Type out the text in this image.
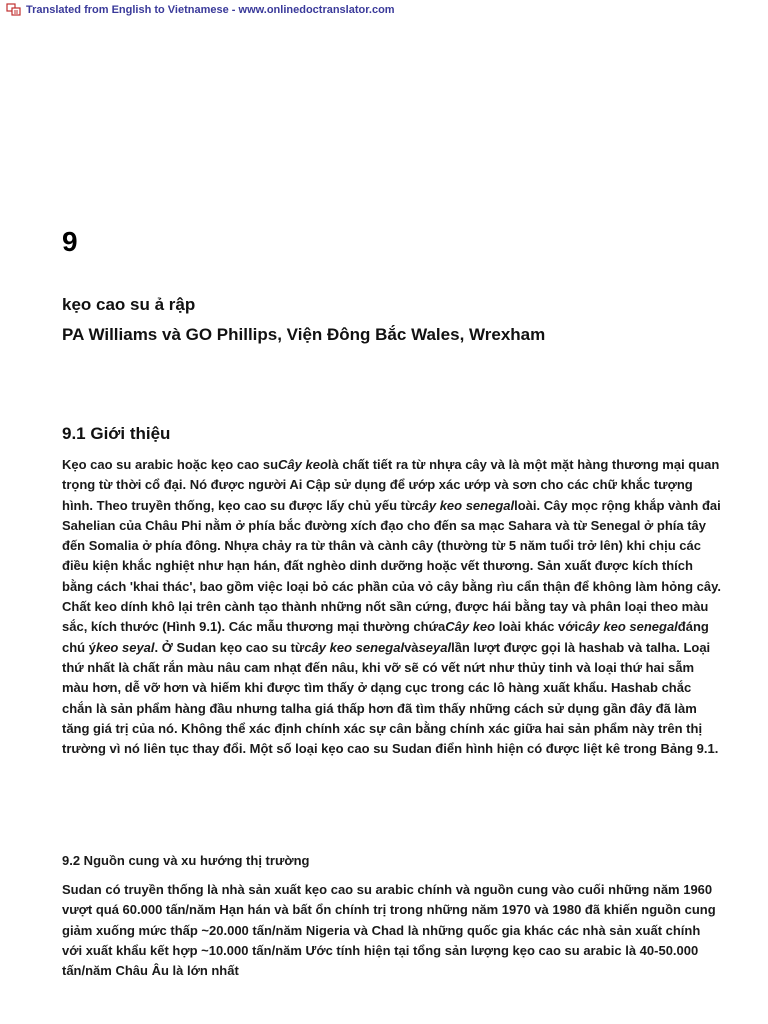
Translated from English to Vietnamese - www.onlinedoctranslator.com
9
kẹo cao su ả rập
PA Williams và GO Phillips, Viện Đông Bắc Wales, Wrexham
9.1 Giới thiệu

Kẹo cao su arabic hoặc kẹo cao suCây keolà chất tiết ra từ nhựa cây và là một mặt hàng thương mại quan trọng từ thời cổ đại. Nó được người Ai Cập sử dụng để ướp xác ướp và sơn cho các chữ khắc tượng hình. Theo truyền thống, kẹo cao su được lấy chủ yếu từcây keo senegalloài. Cây mọc rộng khắp vành đai Sahelian của Châu Phi nằm ở phía bắc đường xích đạo cho đến sa mạc Sahara và từ Senegal ở phía tây đến Somalia ở phía đông. Nhựa chảy ra từ thân và cành cây (thường từ 5 năm tuổi trở lên) khi chịu các điều kiện khắc nghiệt như hạn hán, đất nghèo dinh dưỡng hoặc vết thương. Sản xuất được kích thích bằng cách 'khai thác', bao gồm việc loại bỏ các phần của vỏ cây bằng rìu cẩn thận để không làm hỏng cây. Chất keo dính khô lại trên cành tạo thành những nốt sần cứng, được hái bằng tay và phân loại theo màu sắc, kích thước (Hình 9.1). Các mẫu thương mại thường chứaCây keo loài khác vớicây keo senegalđáng chú ýkeo seyal. Ở Sudan kẹo cao su từcây keo senegalvàseyallần lượt được gọi là hashab và talha. Loại thứ nhất là chất rắn màu nâu cam nhạt đến nâu, khi vỡ sẽ có vết nứt như thủy tinh và loại thứ hai sẫm màu hơn, dễ vỡ hơn và hiếm khi được tìm thấy ở dạng cục trong các lô hàng xuất khẩu. Hashab chắc chắn là sản phẩm hàng đầu nhưng talha giá thấp hơn đã tìm thấy những cách sử dụng gần đây đã làm tăng giá trị của nó. Không thể xác định chính xác sự cân bằng chính xác giữa hai sản phẩm này trên thị trường vì nó liên tục thay đổi. Một số loại kẹo cao su Sudan điển hình hiện có được liệt kê trong Bảng 9.1.

9.2 Nguồn cung và xu hướng thị trường

Sudan có truyền thống là nhà sản xuất kẹo cao su arabic chính và nguồn cung vào cuối những năm 1960 vượt quá 60.000 tấn/năm Hạn hán và bất ổn chính trị trong những năm 1970 và 1980 đã khiến nguồn cung giảm xuống mức thấp ~20.000 tấn/năm Nigeria và Chad là những quốc gia khác các nhà sản xuất chính với xuất khẩu kết hợp ~10.000 tấn/năm Ước tính hiện tại tổng sản lượng kẹo cao su arabic là 40-50.000 tấn/năm Châu Âu là lớn nhất
